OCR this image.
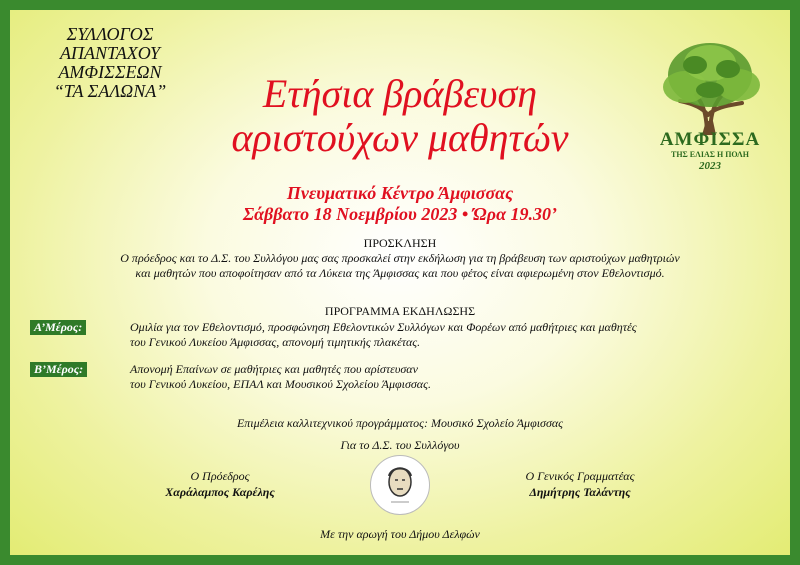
ΣΥΛΛΟΓΟΣ
ΑΠΑΝΤΑΧΟΥ
ΑΜΦΙΣΣΕΩΝ
“ΤΑ ΣΑΛΩΝΑ”	Ετήσια βράβευση
αριστούχων μαθητών
Πνευματικό Κέντρο Άμφισσας
Σάββατο 18 Νοεμβρίου 2023 • Ώρα 19.30’
ΑΜΦΙΣΣΑ
ΤΗΣ ΕΛΙΑΣ Η ΠΟΛΗ
2023
ΠΡΟΣΚΛΗΣΗ
Ο πρόεδρος και το Δ.Σ. του Συλλόγου μας σας προσκαλεί στην εκδήλωση για τη βράβευση των αριστούχων μαθητριών
και μαθητών που αποφοίτησαν από τα Λύκεια της Άμφισσας και που φέτος είναι αφιερωμένη στον Εθελοντισμό.
ΠΡΟΓΡΑΜΜΑ ΕΚΔΗΛΩΣΗΣ
Α’Μέρος:	Ομιλία για τον Εθελοντισμό, προσφώνηση Εθελοντικών Συλλόγων και Φορέων από μαθήτριες και μαθητές
του Γενικού Λυκείου Άμφισσας, απονομή τιμητικής πλακέτας.
Β’Μέρος:	Απονομή Επαίνων σε μαθήτριες και μαθητές που αρίστευσαν
του Γενικού Λυκείου, ΕΠΑΛ και Μουσικού Σχολείου Άμφισσας.
Επιμέλεια καλλιτεχνικού προγράμματος: Μουσικό Σχολείο Άμφισσας
Για το Δ.Σ. του Συλλόγου
Ο Πρόεδρος
Χαράλαμπος Καρέλης
Ο Γενικός Γραμματέας
Δημήτρης Ταλάντης
Με την αρωγή του Δήμου Δελφών
